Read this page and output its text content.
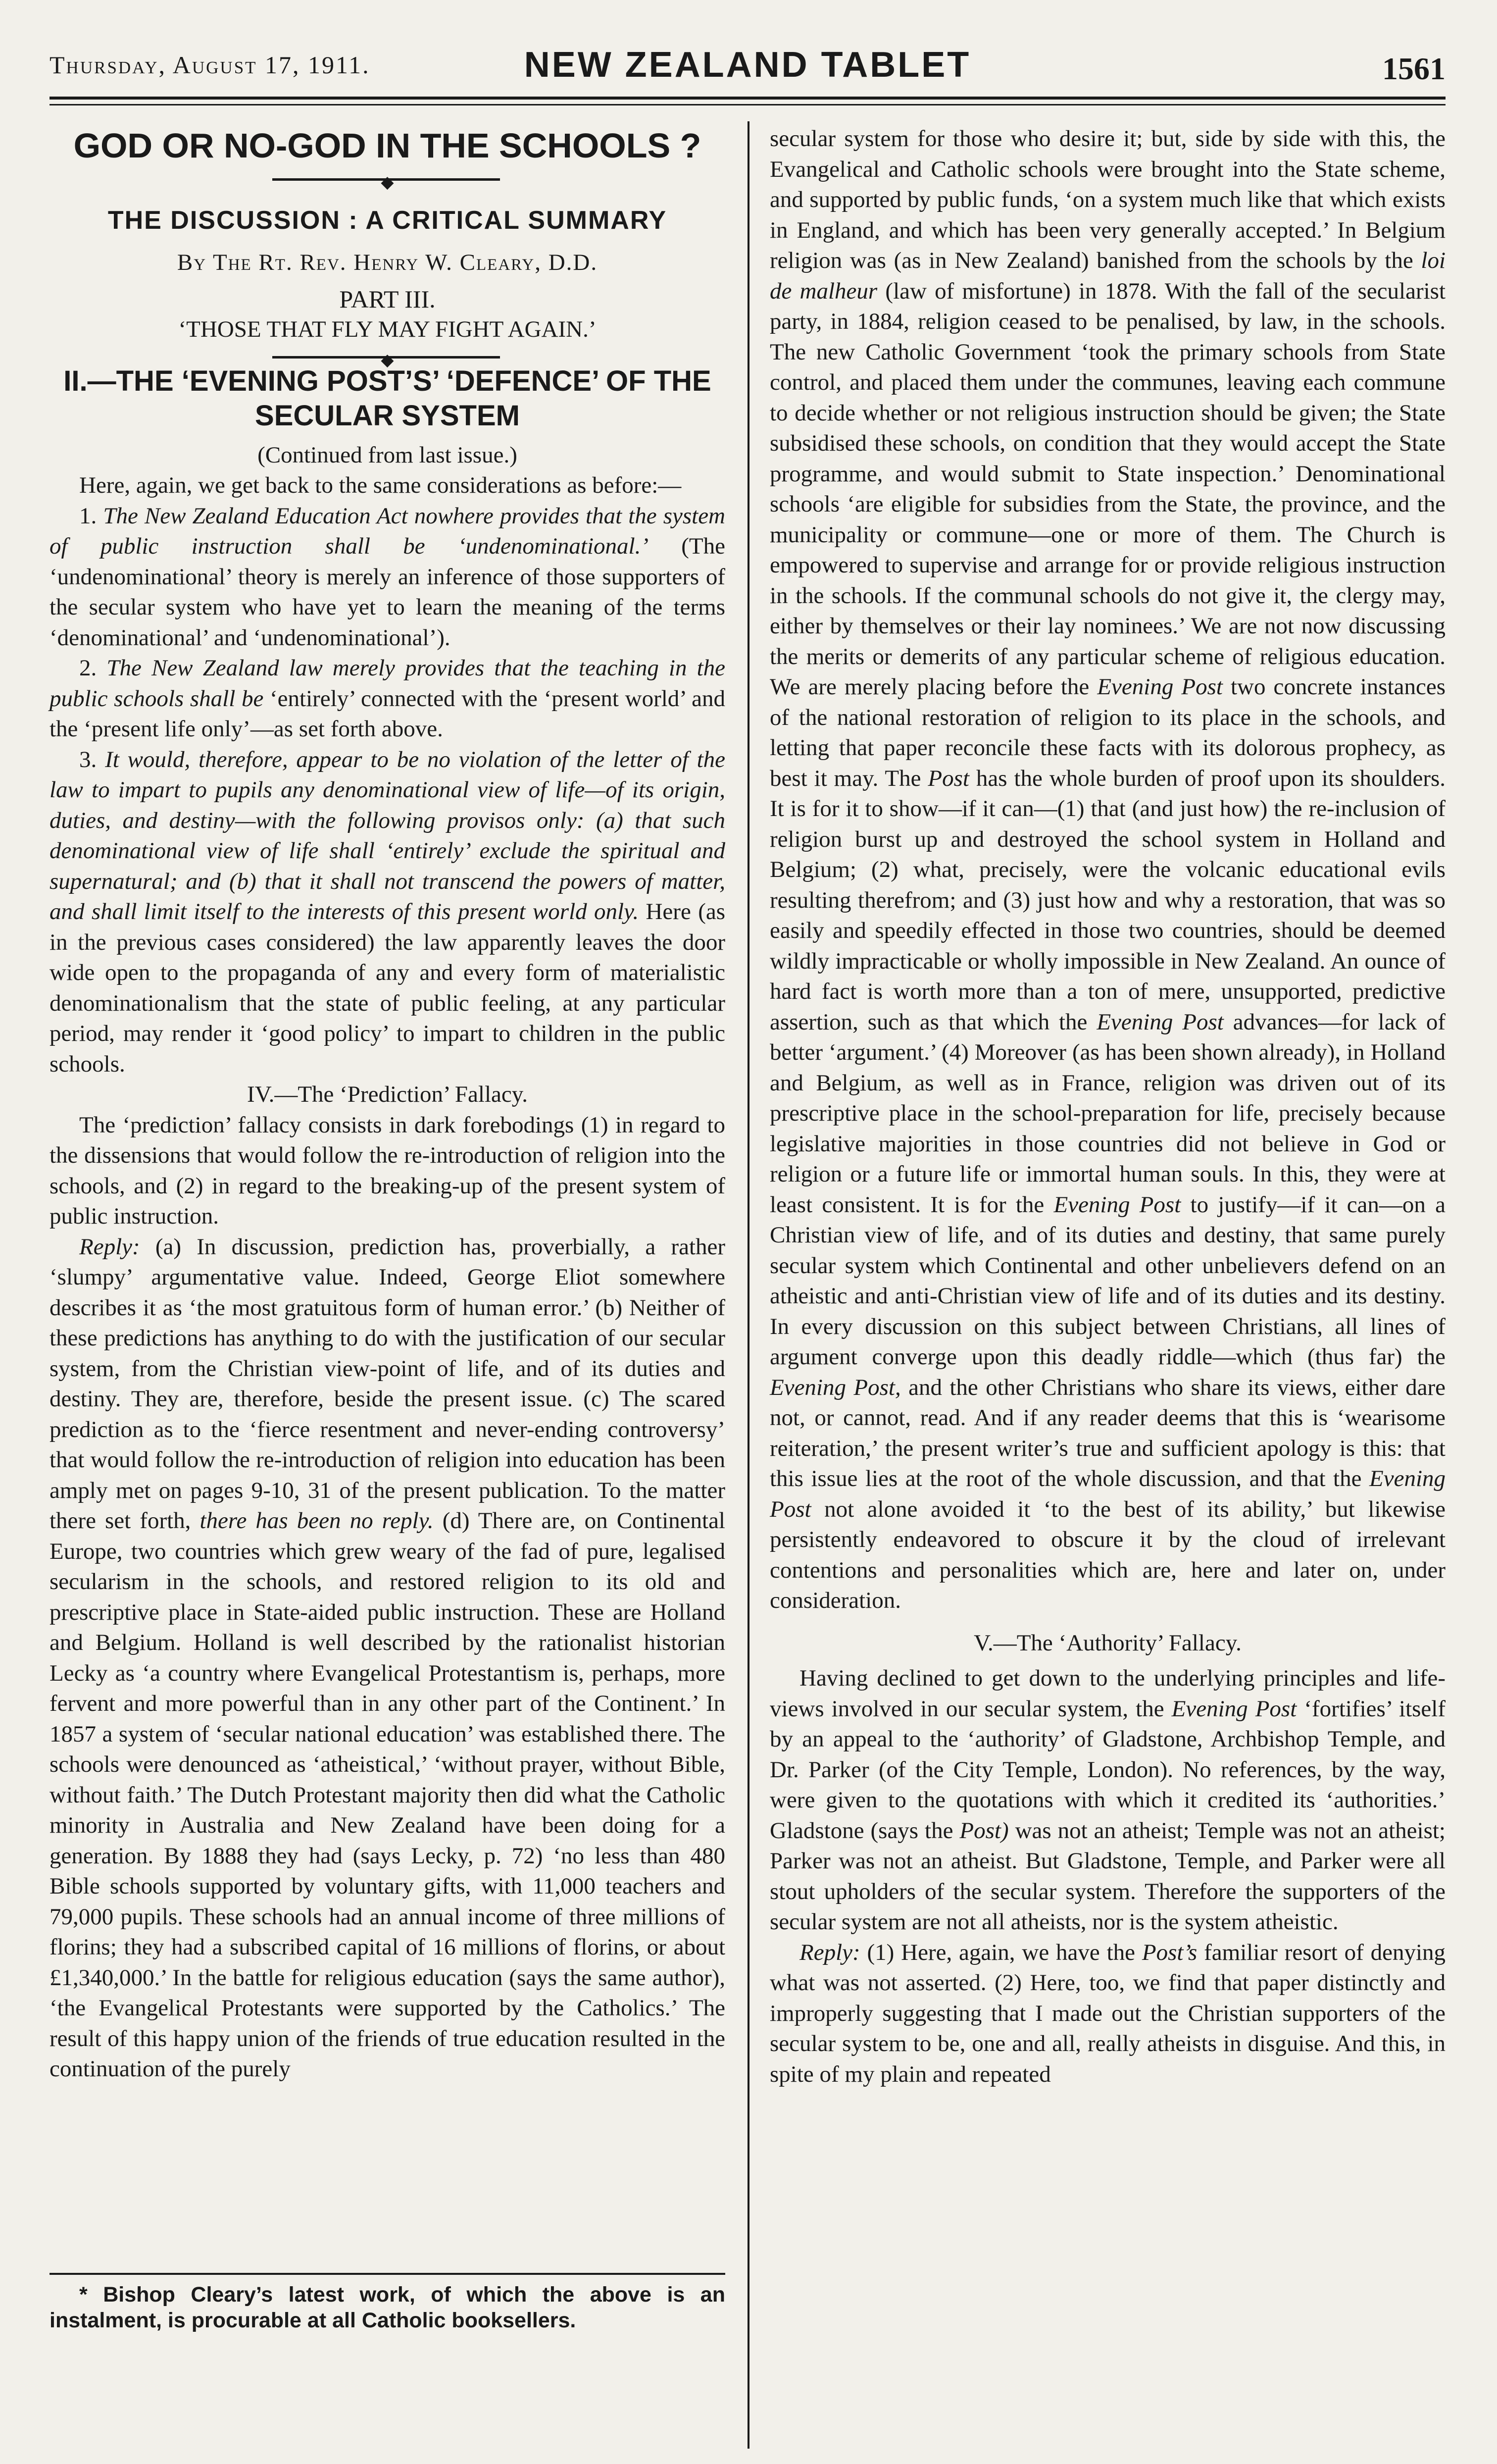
Thursday, August 17, 1911.	NEW ZEALAND TABLET	1561
GOD OR NO-GOD IN THE SCHOOLS ?
◆
THE DISCUSSION : A CRITICAL SUMMARY

By The Rt. Rev. Henry W. Cleary, D.D.

PART III.

‘THOSE THAT FLY MAY FIGHT AGAIN.’

◆
II.—THE ‘EVENING POST’S’ ‘DEFENCE’ OF THE SECULAR SYSTEM

(Continued from last issue.)

Here, again, we get back to the same considerations as before:—

1. The New Zealand Education Act nowhere provides that the system of public instruction shall be ‘undenominational.’ (The ‘undenominational’ theory is merely an inference of those supporters of the secular system who have yet to learn the meaning of the terms ‘denominational’ and ‘undenominational’).

2. The New Zealand law merely provides that the teaching in the public schools shall be ‘entirely’ connected with the ‘present world’ and the ‘present life only’—as set forth above.

3. It would, therefore, appear to be no violation of the letter of the law to impart to pupils any denominational view of life—of its origin, duties, and destiny—with the following provisos only: (a) that such denominational view of life shall ‘entirely’ exclude the spiritual and supernatural; and (b) that it shall not transcend the powers of matter, and shall limit itself to the interests of this present world only. Here (as in the previous cases considered) the law apparently leaves the door wide open to the propaganda of any and every form of materialistic denominationalism that the state of public feeling, at any particular period, may render it ‘good policy’ to impart to children in the public schools.

IV.—The ‘Prediction’ Fallacy.

The ‘prediction’ fallacy consists in dark forebodings (1) in regard to the dissensions that would follow the re-introduction of religion into the schools, and (2) in regard to the breaking-up of the present system of public instruction.

Reply: (a) In discussion, prediction has, proverbially, a rather ‘slumpy’ argumentative value. Indeed, George Eliot somewhere describes it as ‘the most gratuitous form of human error.’ (b) Neither of these predictions has anything to do with the justification of our secular system, from the Christian view-point of life, and of its duties and destiny. They are, therefore, beside the present issue. (c) The scared prediction as to the ‘fierce resentment and never-ending controversy’ that would follow the re-introduction of religion into education has been amply met on pages 9-10, 31 of the present publication. To the matter there set forth, there has been no reply. (d) There are, on Continental Europe, two countries which grew weary of the fad of pure, legalised secularism in the schools, and restored religion to its old and prescriptive place in State-aided public instruction. These are Holland and Belgium. Holland is well described by the rationalist historian Lecky as ‘a country where Evangelical Protestantism is, perhaps, more fervent and more powerful than in any other part of the Continent.’ In 1857 a system of ‘secular national education’ was established there. The schools were denounced as ‘atheistical,’ ‘without prayer, without Bible, without faith.’ The Dutch Protestant majority then did what the Catholic minority in Australia and New Zealand have been doing for a generation. By 1888 they had (says Lecky, p. 72) ‘no less than 480 Bible schools supported by voluntary gifts, with 11,000 teachers and 79,000 pupils. These schools had an annual income of three millions of florins; they had a subscribed capital of 16 millions of florins, or about £1,340,000.’ In the battle for religious education (says the same author), ‘the Evangelical Protestants were supported by the Catholics.’ The result of this happy union of the friends of true education resulted in the continuation of the purely

* Bishop Cleary’s latest work, of which the above is an instalment, is procurable at all Catholic booksellers.

secular system for those who desire it; but, side by side with this, the Evangelical and Catholic schools were brought into the State scheme, and supported by public funds, ‘on a system much like that which exists in England, and which has been very generally accepted.’ In Belgium religion was (as in New Zealand) banished from the schools by the loi de malheur (law of misfortune) in 1878. With the fall of the secularist party, in 1884, religion ceased to be penalised, by law, in the schools. The new Catholic Government ‘took the primary schools from State control, and placed them under the communes, leaving each commune to decide whether or not religious instruction should be given; the State subsidised these schools, on condition that they would accept the State programme, and would submit to State inspection.’ Denominational schools ‘are eligible for subsidies from the State, the province, and the municipality or commune—one or more of them. The Church is empowered to supervise and arrange for or provide religious instruction in the schools. If the communal schools do not give it, the clergy may, either by themselves or their lay nominees.’ We are not now discussing the merits or demerits of any particular scheme of religious education. We are merely placing before the Evening Post two concrete instances of the national restoration of religion to its place in the schools, and letting that paper reconcile these facts with its dolorous prophecy, as best it may. The Post has the whole burden of proof upon its shoulders. It is for it to show—if it can—(1) that (and just how) the re-inclusion of religion burst up and destroyed the school system in Holland and Belgium; (2) what, precisely, were the volcanic educational evils resulting therefrom; and (3) just how and why a restoration, that was so easily and speedily effected in those two countries, should be deemed wildly impracticable or wholly impossible in New Zealand. An ounce of hard fact is worth more than a ton of mere, unsupported, predictive assertion, such as that which the Evening Post advances—for lack of better ‘argument.’ (4) Moreover (as has been shown already), in Holland and Belgium, as well as in France, religion was driven out of its prescriptive place in the school-preparation for life, precisely because legislative majorities in those countries did not believe in God or religion or a future life or immortal human souls. In this, they were at least consistent. It is for the Evening Post to justify—if it can—on a Christian view of life, and of its duties and destiny, that same purely secular system which Continental and other unbelievers defend on an atheistic and anti-Christian view of life and of its duties and its destiny. In every discussion on this subject between Christians, all lines of argument converge upon this deadly riddle—which (thus far) the Evening Post, and the other Christians who share its views, either dare not, or cannot, read. And if any reader deems that this is ‘wearisome reiteration,’ the present writer’s true and sufficient apology is this: that this issue lies at the root of the whole discussion, and that the Evening Post not alone avoided it ‘to the best of its ability,’ but likewise persistently endeavored to obscure it by the cloud of irrelevant contentions and personalities which are, here and later on, under consideration.

V.—The ‘Authority’ Fallacy.

Having declined to get down to the underlying principles and life-views involved in our secular system, the Evening Post ‘fortifies’ itself by an appeal to the ‘authority’ of Gladstone, Archbishop Temple, and Dr. Parker (of the City Temple, London). No references, by the way, were given to the quotations with which it credited its ‘authorities.’ Gladstone (says the Post) was not an atheist; Temple was not an atheist; Parker was not an atheist. But Gladstone, Temple, and Parker were all stout upholders of the secular system. Therefore the supporters of the secular system are not all atheists, nor is the system atheistic.

Reply: (1) Here, again, we have the Post’s familiar resort of denying what was not asserted. (2) Here, too, we find that paper distinctly and improperly suggesting that I made out the Christian supporters of the secular system to be, one and all, really atheists in disguise. And this, in spite of my plain and repeated
